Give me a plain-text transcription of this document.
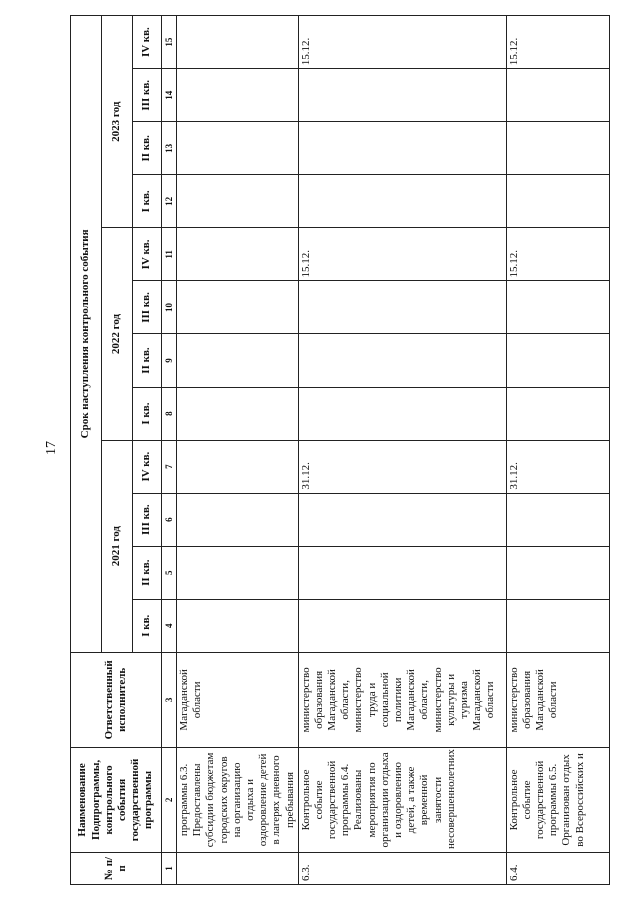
17
№ п/п	Наименование Подпрограммы, контрольного события государственной программы	Ответственный исполнитель	Срок наступления контрольного события											
			2021 год				2022 год				2023 год			
			I кв.	II кв.	III кв.	IV кв.	I кв.	II кв.	III кв.	IV кв.	I кв.	II кв.	III кв.	IV кв.
1	2	3	4	5	6	7	8	9	10	11	12	13	14	15
	программы 6.3. Предоставлены субсидии бюджетам городских округов на организацию отдыха и оздоровление детей в лагерях дневного пребывания	Магаданской области												
6.3.	Контрольное событие государственной программы 6.4. Реализованы мероприятия по организации отдыха и оздоровлению детей, а также временной занятости несовершеннолетних	министерство образования Магаданской области, министерство труда и социальной политики Магаданской области, министерство культуры и туризма Магаданской области				31.12.				15.12.				15.12.
6.4.	Контрольное событие государственной программы 6.5. Организован отдых во Всероссийских и	министерство образования Магаданской области				31.12.				15.12.				15.12.
